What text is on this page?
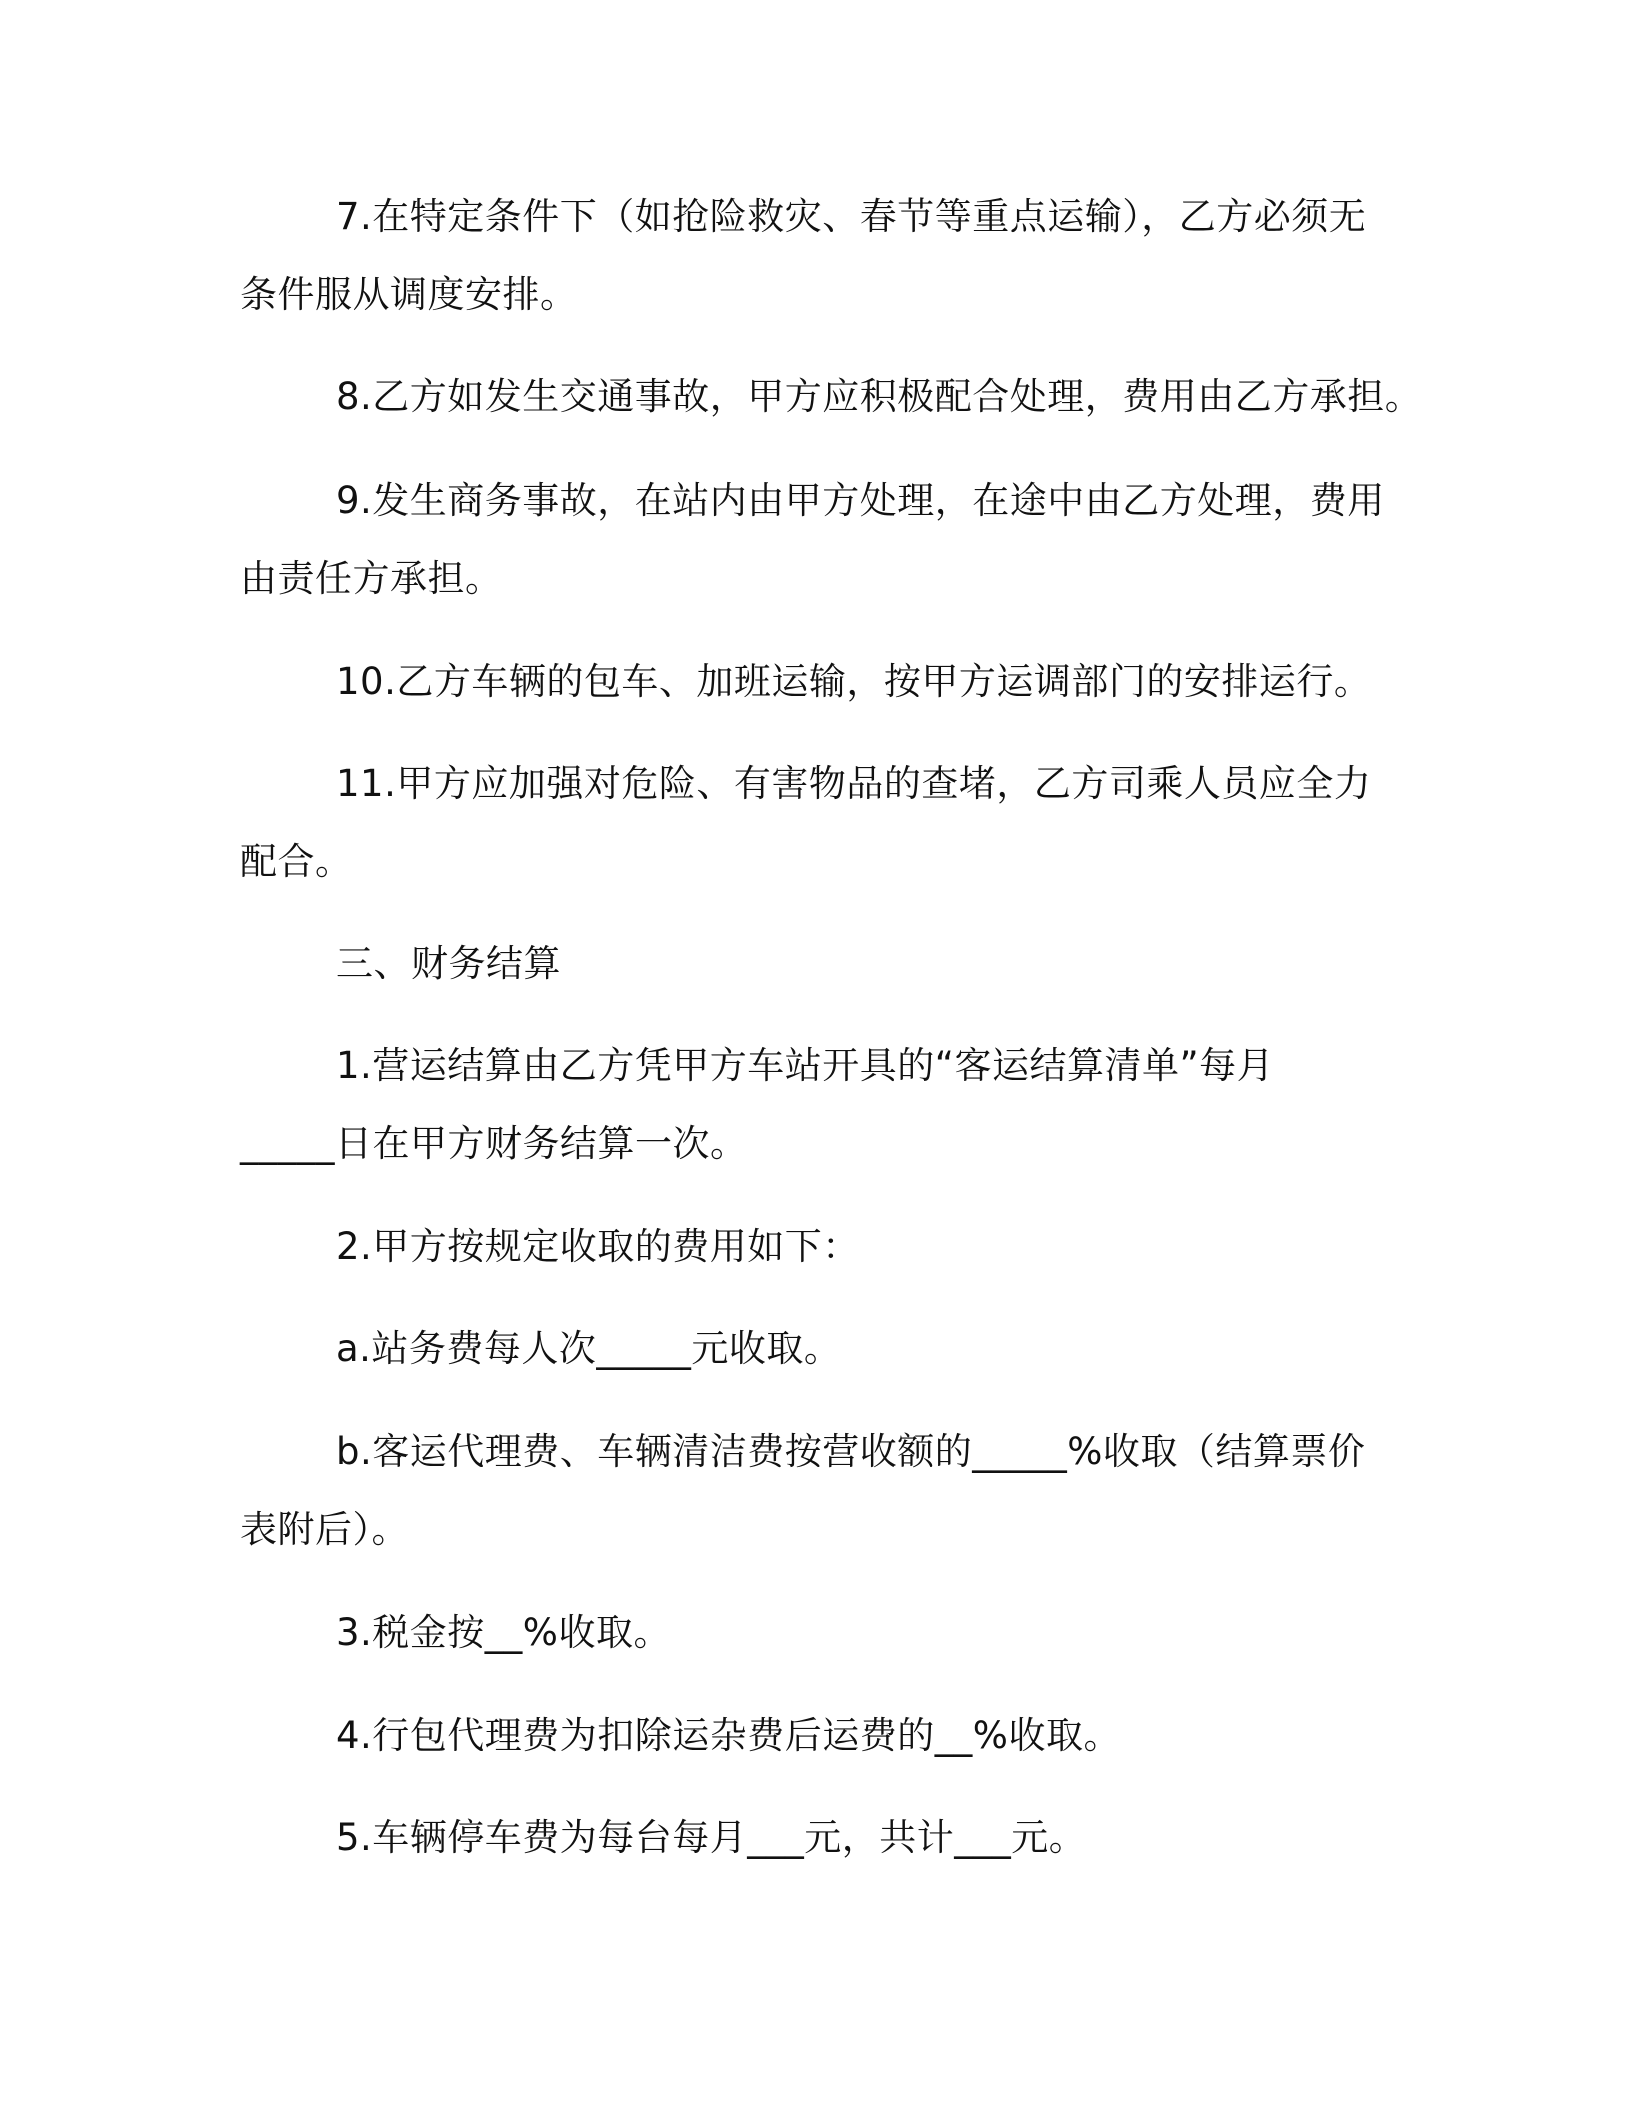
7.在特定条件下（如抢险救灾、春节等重点运输），乙方必须无
条件服从调度安排。
8.乙方如发生交通事故，甲方应积极配合处理，费用由乙方承担。
9.发生商务事故，在站内由甲方处理，在途中由乙方处理，费用
由责任方承担。
10.乙方车辆的包车、加班运输，按甲方运调部门的安排运行。
11.甲方应加强对危险、有害物品的查堵，乙方司乘人员应全力
配合。
三、财务结算
1.营运结算由乙方凭甲方车站开具的“客运结算清单”每月
_____日在甲方财务结算一次。
2.甲方按规定收取的费用如下：
a.站务费每人次_____元收取。
b.客运代理费、车辆清洁费按营收额的_____%收取（结算票价
表附后）。
3.税金按__%收取。
4.行包代理费为扣除运杂费后运费的__%收取。
5.车辆停车费为每台每月___元，共计___元。
